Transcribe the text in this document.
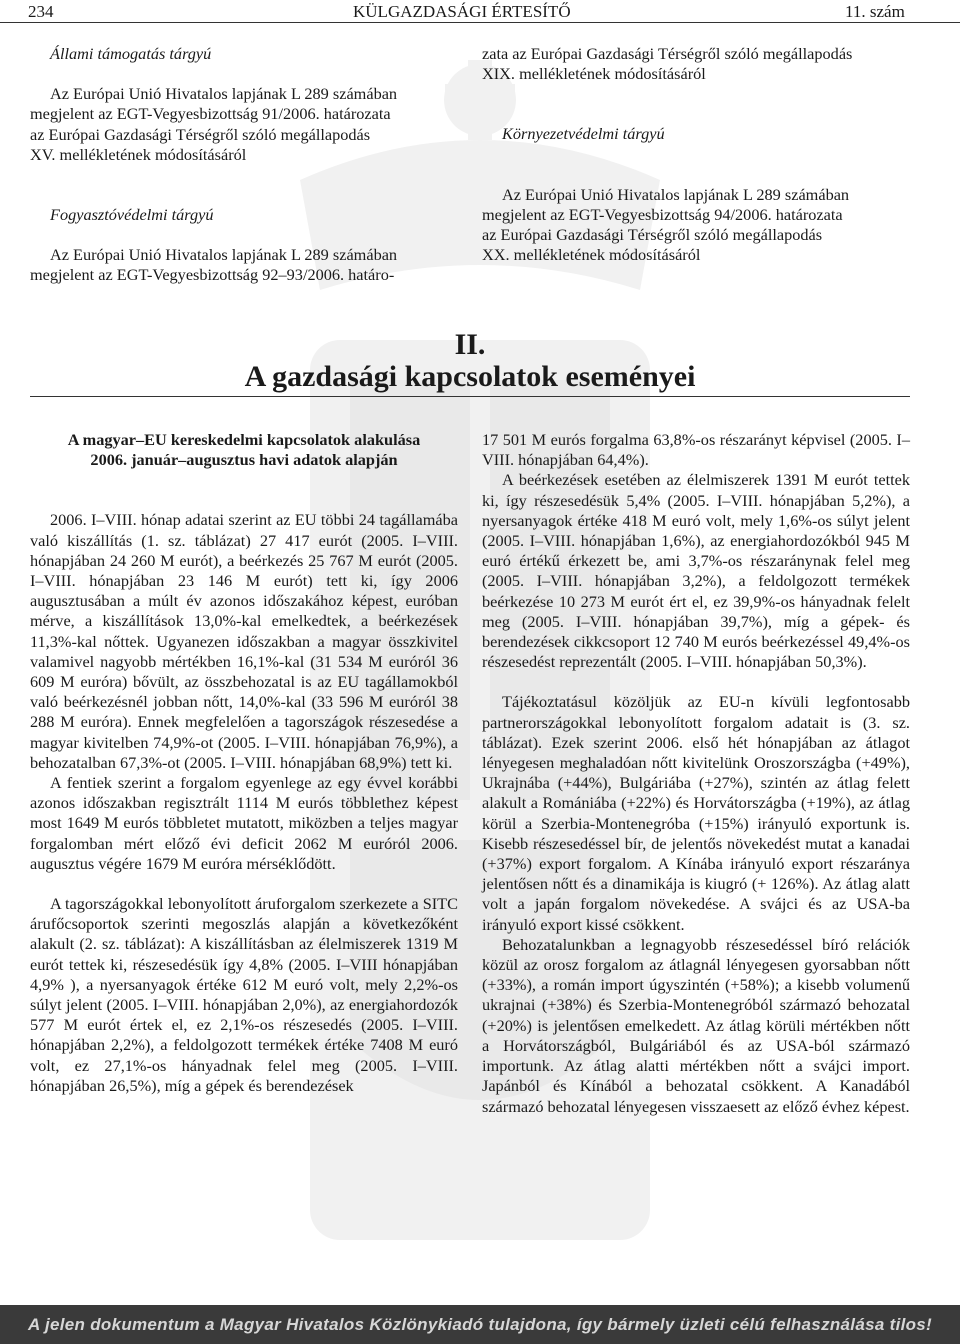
234	KÜLGAZDASÁGI ÉRTESÍTŐ	11. szám

Állami támogatás tárgyú

Az Európai Unió Hivatalos lapjának L 289 számában

megjelent az EGT-Vegyesbizottság 91/2006. határozata

az Európai Gazdasági Térségről szóló megállapodás

XV. mellékletének módosításáról

Fogyasztóvédelmi tárgyú

Az Európai Unió Hivatalos lapjának L 289 számában

megjelent az EGT-Vegyesbizottság 92–93/2006. határo-

zata az Európai Gazdasági Térségről szóló megállapodás

XIX. mellékletének módosításáról

Környezetvédelmi tárgyú

Az Európai Unió Hivatalos lapjának L 289 számában

megjelent az EGT-Vegyesbizottság 94/2006. határozata

az Európai Gazdasági Térségről szóló megállapodás

XX. mellékletének módosításáról

II.
A gazdasági kapcsolatok eseményei

A magyar–EU kereskedelmi kapcsolatok alakulása

2006. január–augusztus havi adatok alapján

2006. I–VIII. hónap adatai szerint az EU többi 24 tagállamába való kiszállítás (1. sz. táblázat) 27 417 eurót (2005. I–VIII. hónapjában 24 260 M eurót), a beérkezés 25 767 M eurót (2005. I–VIII. hónapjában 23 146 M eurót) tett ki, így 2006 augusztusában a múlt év azonos időszakához képest, euróban mérve, a kiszállítások 13,0%-kal emelkedtek, a beérkezések 11,3%-kal nőttek. Ugyanezen időszakban a magyar összkivitel valamivel nagyobb mértékben 16,1%-kal (31 534 M euróról 36 609 M euróra) bővült, az összbehozatal is az EU tagállamokból való beérkezésnél jobban nőtt, 14,0%-kal (33 596 M euróról 38 288 M euróra). Ennek megfelelően a tagországok részesedése a magyar kivitelben 74,9%-ot (2005. I–VIII. hónapjában 76,9%), a behozatalban 67,3%-ot (2005. I–VIII. hónapjában 68,9%) tett ki.

A fentiek szerint a forgalom egyenlege az egy évvel korábbi azonos időszakban regisztrált 1114 M eurós többlethez képest most 1649 M eurós többletet mutatott, miközben a teljes magyar forgalomban mért előző évi deficit 2062 M euróról 2006. augusztus végére 1679 M euróra mérséklődött.

A tagországokkal lebonyolított áruforgalom szerkezete a SITC árufőcsoportok szerinti megoszlás alapján a következőként alakult (2. sz. táblázat): A kiszállításban az élelmiszerek 1319 M eurót tettek ki, részesedésük így 4,8% (2005. I–VIII hónapjában 4,9% ), a nyersanyagok értéke 612 M euró volt, mely 2,2%-os súlyt jelent (2005. I–VIII. hónapjában 2,0%), az energiahordozók 577 M eurót értek el, ez 2,1%-os részesedés (2005. I–VIII. hónapjában 2,2%), a feldolgozott termékek értéke 7408 M euró volt, ez 27,1%-os hányadnak felel meg (2005. I–VIII. hónapjában 26,5%), míg a gépek és berendezések

17 501 M eurós forgalma 63,8%-os részarányt képvisel (2005. I–VIII. hónapjában 64,4%).

A beérkezések esetében az élelmiszerek 1391 M eurót tettek ki, így részesedésük 5,4% (2005. I–VIII. hónapjában 5,2%), a nyersanyagok értéke 418 M euró volt, mely 1,6%-os súlyt jelent (2005. I–VIII. hónapjában 1,6%), az energiahordozókból 945 M euró értékű érkezett be, ami 3,7%-os részaránynak felel meg (2005. I–VIII. hónapjában 3,2%), a feldolgozott termékek beérkezése 10 273 M eurót ért el, ez 39,9%-os hányadnak felelt meg (2005. I–VIII. hónapjában 39,7%), míg a gépek- és berendezések cikkcsoport 12 740 M eurós beérkezéssel 49,4%-os részesedést reprezentált (2005. I–VIII. hónapjában 50,3%).

Tájékoztatásul közöljük az EU-n kívüli legfontosabb partnerországokkal lebonyolított forgalom adatait is (3. sz. táblázat). Ezek szerint 2006. első hét hónapjában az átlagot lényegesen meghaladóan nőtt kivitelünk Oroszországba (+49%), Ukrajnába (+44%), Bulgáriába (+27%), szintén az átlag felett alakult a Romániába (+22%) és Horvátországba (+19%), az átlag körül a Szerbia-Montenegróba (+15%) irányuló exportunk is. Kisebb részesedéssel bír, de jelentős növekedést mutat a kanadai (+37%) export forgalom. A Kínába irányuló export részaránya jelentősen nőtt és a dinamikája is kiugró (+ 126%). Az átlag alatt volt a japán forgalom növekedése. A svájci és az USA-ba irányuló export kissé csökkent.

Behozatalunkban a legnagyobb részesedéssel bíró relációk közül az orosz forgalom az átlagnál lényegesen gyorsabban nőtt (+33%), a román import úgyszintén (+58%); a kisebb volumenű ukrajnai (+38%) és Szerbia-Montenegróból származó behozatal (+20%) is jelentősen emelkedett. Az átlag körüli mértékben nőtt a Horvátországból, Bulgáriából és az USA-ból származó importunk. Az átlag alatti mértékben nőtt a svájci import. Japánból és Kínából a behozatal csökkent. A Kanadából származó behozatal lényegesen visszaesett az előző évhez képest.

A jelen dokumentum a Magyar Hivatalos Közlönykiadó tulajdona, így bármely üzleti célú felhasználása tilos!
